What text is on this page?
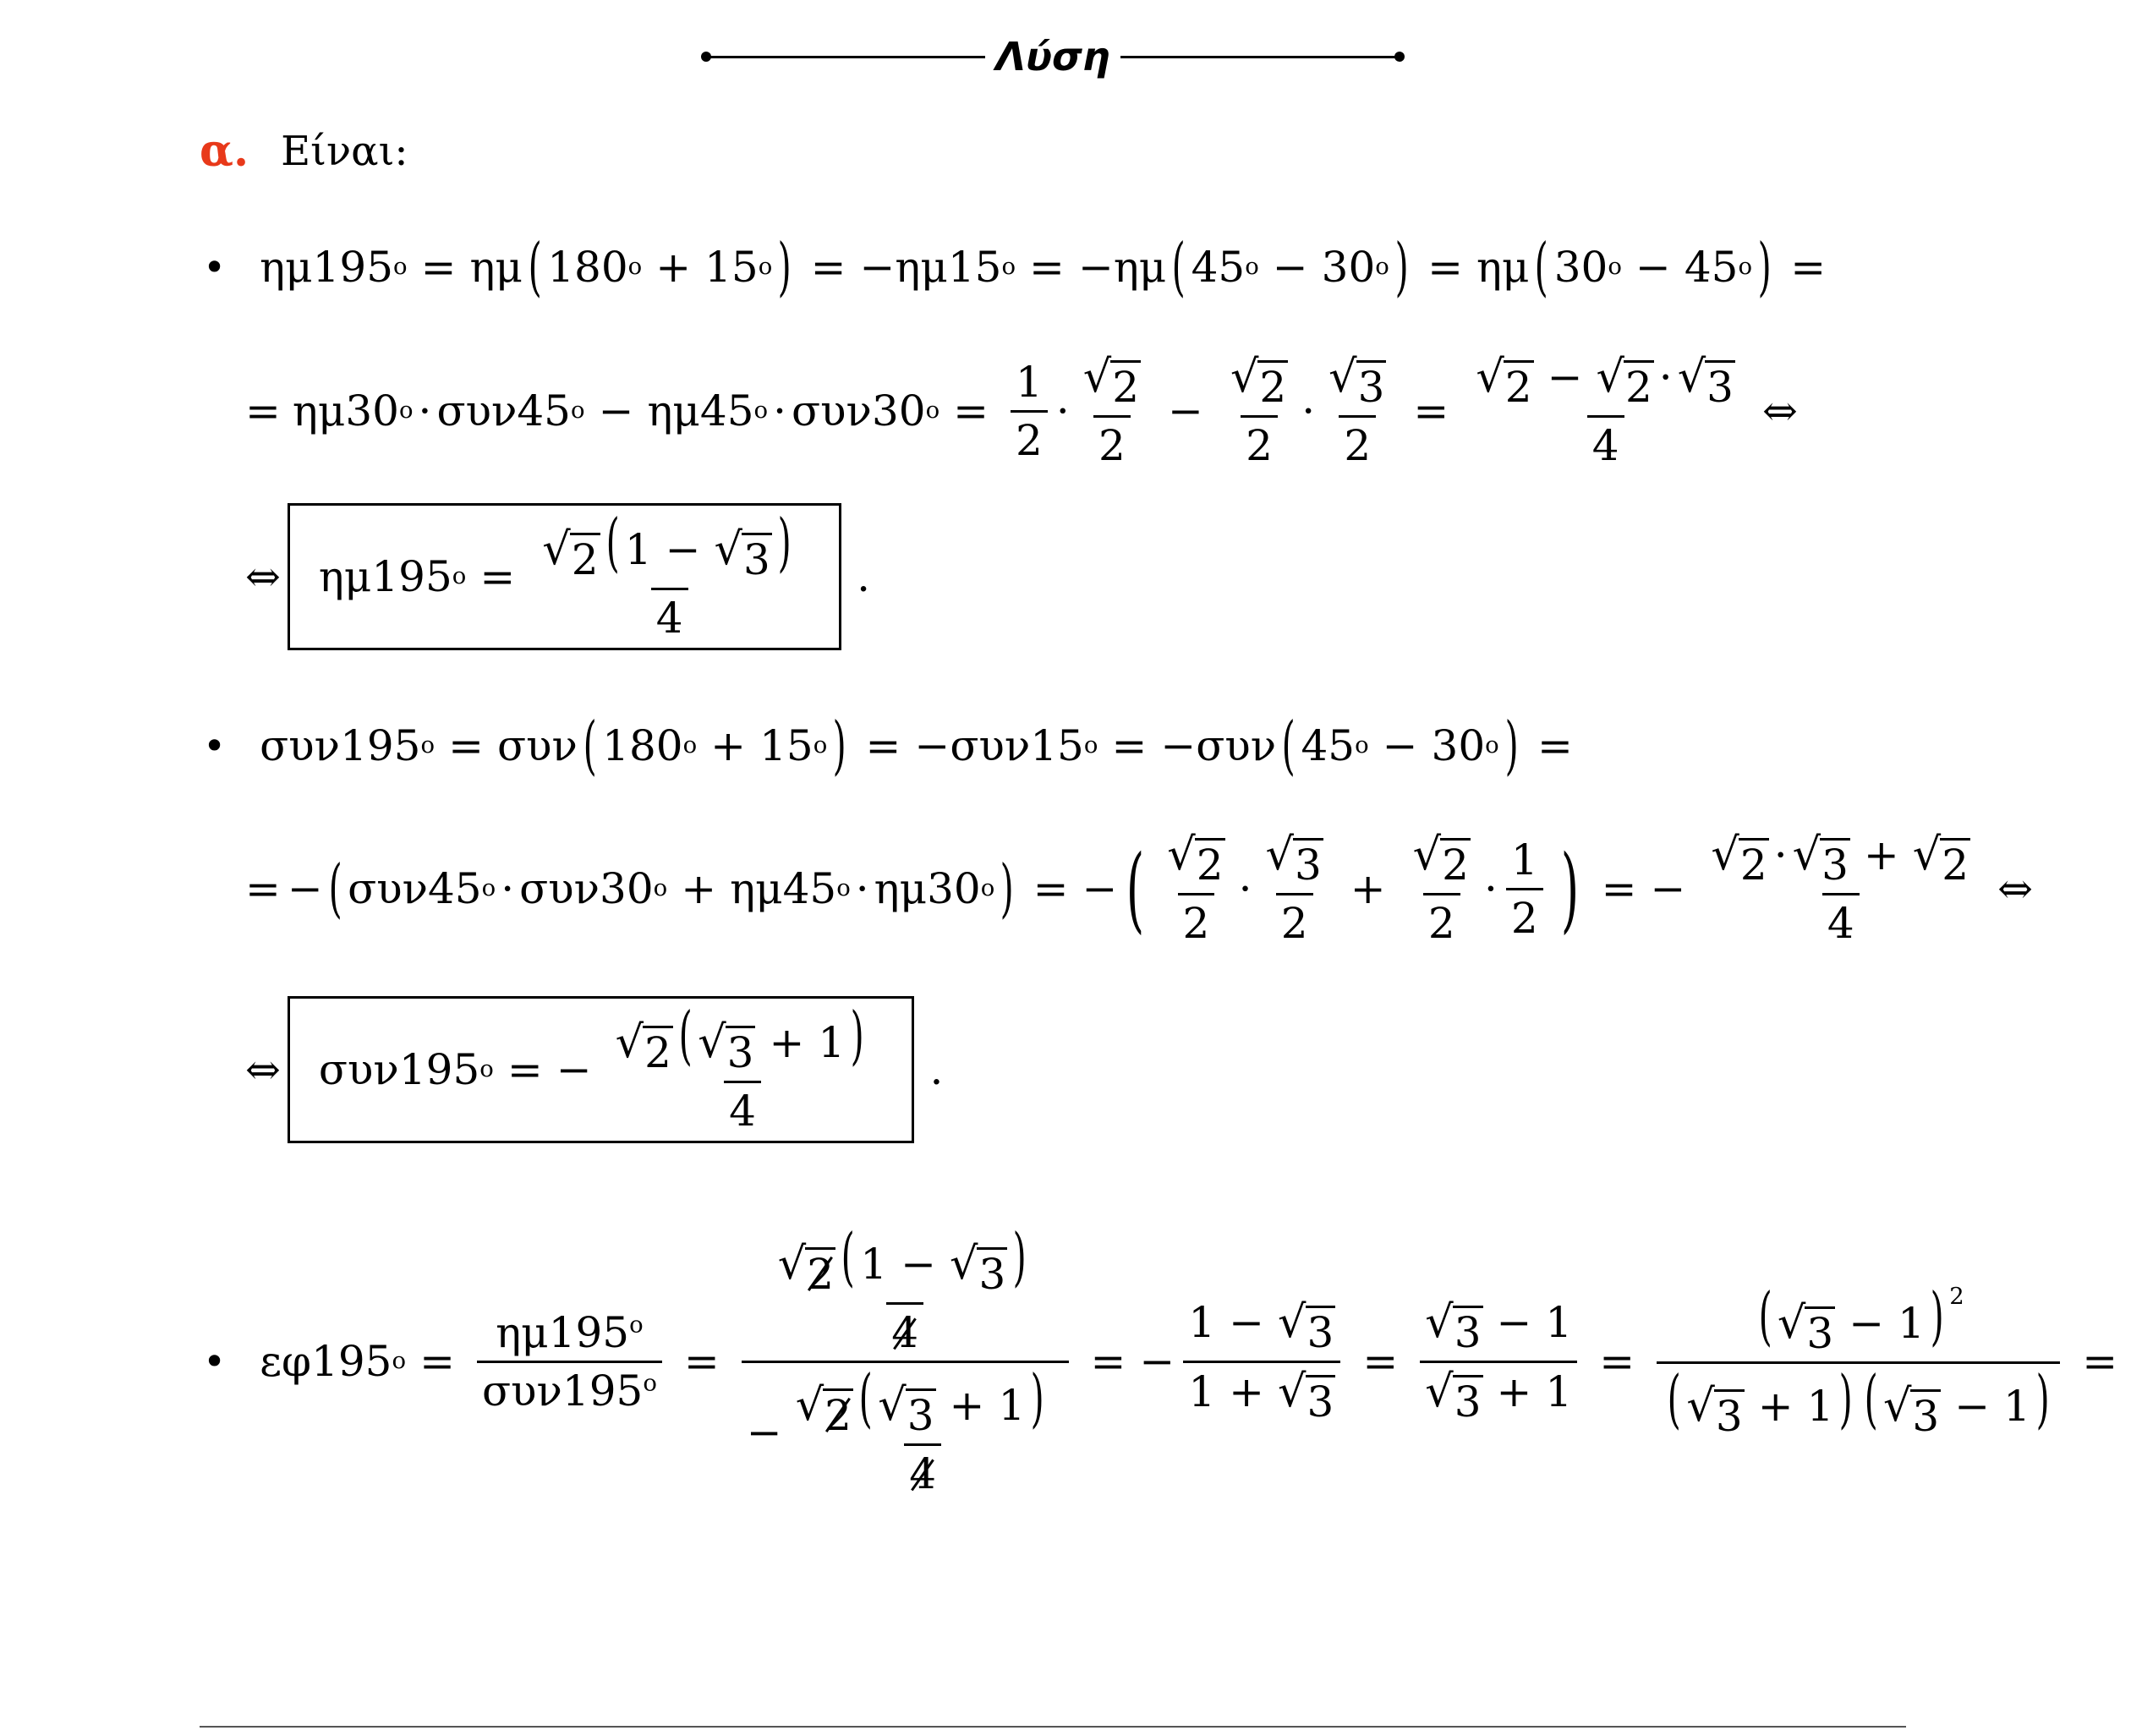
Λύση
α. Είναι:
• ημ 195 o = ημ ( 180 o + 15 o ) = − ημ 15 o = − ημ ( 45 o − 30 o ) = ημ ( 30 o − 45 o ) =
= ημ 30 o · συν 45 o − ημ 45 o · συν 30 $o = \frac{1}{2} \cdot \frac{√ 2}{2} - \frac{√ 2}{2} \cdot \frac{√ 3}{2} = \frac{√ 2 - √ 2 \cdot √ 3}{4}$ ⇔
⇔ ημ 195 $o = \frac{√ 2 ( 1 - √ 3 )}{4}$ .
• συν 195 o = συν ( 180 o + 15 o ) = − συν 15 o = − συν ( 45 o − 30 o ) =
= − ( συν 45 o · συν 30 o + ημ 45 o · ημ 30 o ) = − ( $\frac{√ 2}{2} \cdot \frac{√ 3}{2} + \frac{√ 2}{2} \cdot \frac{1}{2}$ ) = − $\frac{√ 2 \cdot √ 3 + √ 2}{4}$ ⇔
⇔ συν 195 o = − $\frac{√ 2 ( √ 3 + 1)}{4}$ .
• εφ 195 $o = \frac{\eta\mu 195^o}{\sigma\upsilon\nu 195^o} = \frac{\frac{√ 2 ( 1 - √ 3 )}{4}}{- \frac{√ 2 ( √ 3 + 1)}{4}}$ = − $\frac{1 - √ 3}{1 + √ 3} = \frac{√ 3 - 1}{√ 3 + 1} = \frac{( √ 3 - 1) ^2}{( √ 3 + 1) ( √ 3 - 1)}$ =
